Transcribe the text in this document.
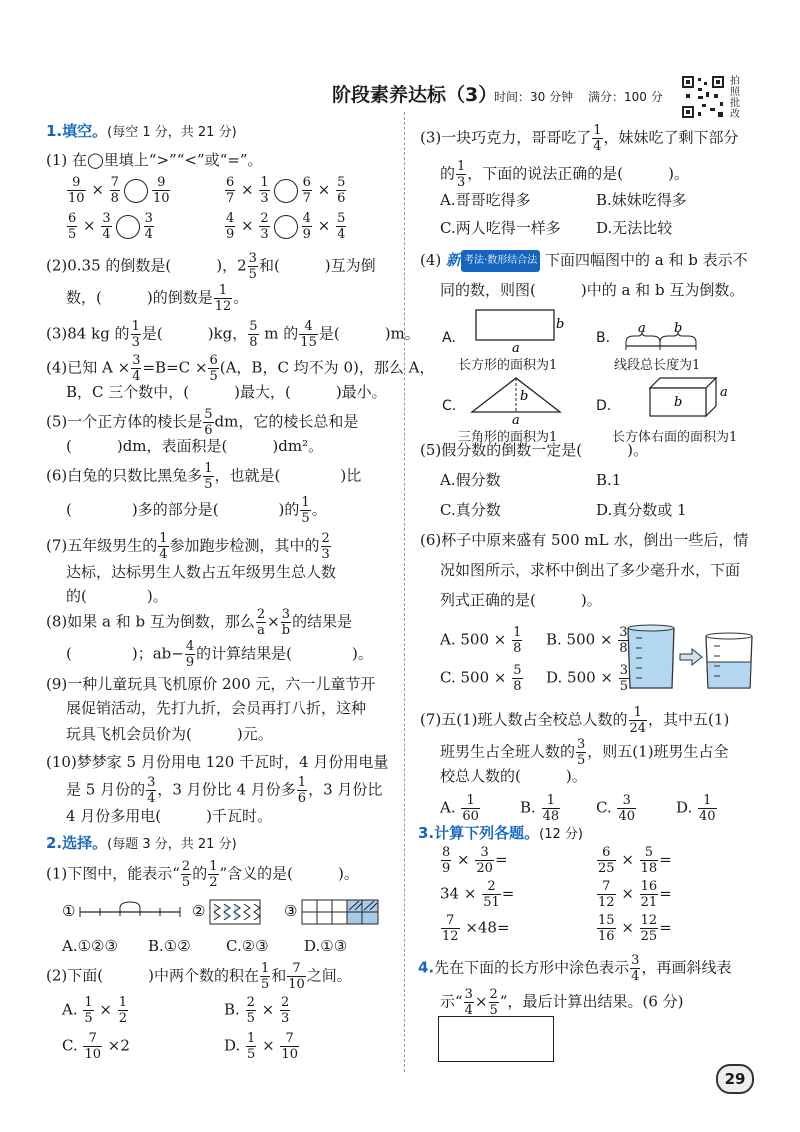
阶段素养达标（3）
时间：30 分钟 满分：100 分
拍照批改
1.填空。(每空 1 分，共 21 分)
(1) 在◯里填上“>”“<”或“=”。
$\frac{9}{10} \times \frac{7}{8} \frac{9}{10}$	$\frac{6}{7} \times \frac{1}{3} \frac{6}{7} \times \frac{5}{6}$
$\frac{6}{5} \times \frac{3}{4} \frac{3}{4}$	$\frac{4}{9} \times \frac{2}{3} \frac{4}{9} \times \frac{5}{4}$
(2)0.35 的倒数是(　　　)，$2 \frac{3}{5}$ 和(　　　)互为倒
数，(　　　)的倒数是 $\frac{1}{12}$ 。
(3)84 kg 的 $\frac{1}{3}$ 是(　　　)kg， $\frac{5}{8}$ m 的 $\frac{4}{15}$ 是(　　　)m。
(4)已知 $A \times \frac{3}{4} =B=C \times \frac{6}{5} (A$，B，C 均不为 0)，那么 A，
B，C 三个数中，(　　　)最大，(　　　)最小。
(5)一个正方体的棱长是 $\frac{5}{6}$ dm，它的棱长总和是
(　　　)dm，表面积是(　　　)dm²。
(6)白兔的只数比黑兔多 $\frac{1}{5}$ ，也就是(　　　　)比
(　　　　)多的部分是(　　　　)的 $\frac{1}{5}$ 。
(7)五年级男生的 $\frac{1}{4}$ 参加跑步检测，其中的 $\frac{2}{3}$
达标，达标男生人数占五年级男生总人数
的(　　　　)。
(8)如果 a 和 b 互为倒数，那么 $\frac{2}{a} \times \frac{3}{b}$ 的结果是
(　　　　)；$ab- \frac{4}{9}$ 的计算结果是(　　　　)。
(9)一种儿童玩具飞机原价 200 元，六一儿童节开
展促销活动，先打九折，会员再打八折，这种
玩具飞机会员价为(　　　)元。
(10)梦梦家 5 月份用电 120 千瓦时，4 月份用电量
是 5 月份的 $\frac{3}{4}$ ，3 月份比 4 月份多 $\frac{1}{6}$ ，3 月份比
4 月份多用电(　　　)千瓦时。
2.选择。(每题 3 分，共 21 分)
(1)下图中，能表示“ $\frac{2}{5}$ 的 $\frac{1}{2}$ ”含义的是(　　　)。
①	②	③
A.①②③ B.①② C.②③ D.①③
(2)下面(　　　)中两个数的积在 $\frac{1}{5}$ 和 $\frac{7}{10}$ 之间。
A. $\frac{1}{5} \times \frac{1}{2}$	B. $\frac{2}{5} \times \frac{2}{3}$
C. $\frac{7}{10} \times 2$	D. $\frac{1}{5} \times \frac{7}{10}$
(3)一块巧克力，哥哥吃了 $\frac{1}{4}$ ，妹妹吃了剩下部分
的 $\frac{1}{3}$ ，下面的说法正确的是(　　　)。
A.哥哥吃得多	B.妹妹吃得多
C.两人吃得一样多 D.无法比较
(4) 新 考法·数形结合法 下面四幅图中的 a 和 b 表示不
同的数，则图(　　　)中的 a 和 b 互为倒数。
A.
b
a
长方形的面积为1
B.
a b
线段总长度为1
C.
b
a
三角形的面积为1
D.	b
a
长方体右面的面积为1
(5)假分数的倒数一定是(　　　)。
A.假分数	B.1
C.真分数	D.真分数或 1
(6)杯子中原来盛有 500 mL 水，倒出一些后，情
况如图所示，求杯中倒出了多少毫升水，下面
列式正确的是(　　　)。
A. $500 \times \frac{1}{8} B$. $500 \times \frac{3}{8}$
C. $500 \times \frac{5}{8} D$. $500 \times \frac{3}{5}$
(7)五(1)班人数占全校总人数的 $\frac{1}{24}$ ，其中五(1)
班男生占全班人数的 $\frac{3}{5}$ ，则五(1)班男生占全
校总人数的(　　　)。
A. $\frac{1}{60}$	B. $\frac{1}{48} C$. $\frac{3}{40}$	D. $\frac{1}{40}$
3.计算下列各题。(12 分)
$\frac{8}{9} \times \frac{3}{20}$ =	$\frac{6}{25} \times \frac{5}{18}$ =
$34 \times \frac{2}{51}$ =	$\frac{7}{12} \times \frac{16}{21}$ =
$\frac{7}{12} \times 48=$	$\frac{15}{16} \times \frac{12}{25}$ =
4.先在下面的长方形中涂色表示 $\frac{3}{4}$ ，再画斜线表
示“ $\frac{3}{4} \times \frac{2}{5}$ ”，最后计算出结果。(6 分)
29
